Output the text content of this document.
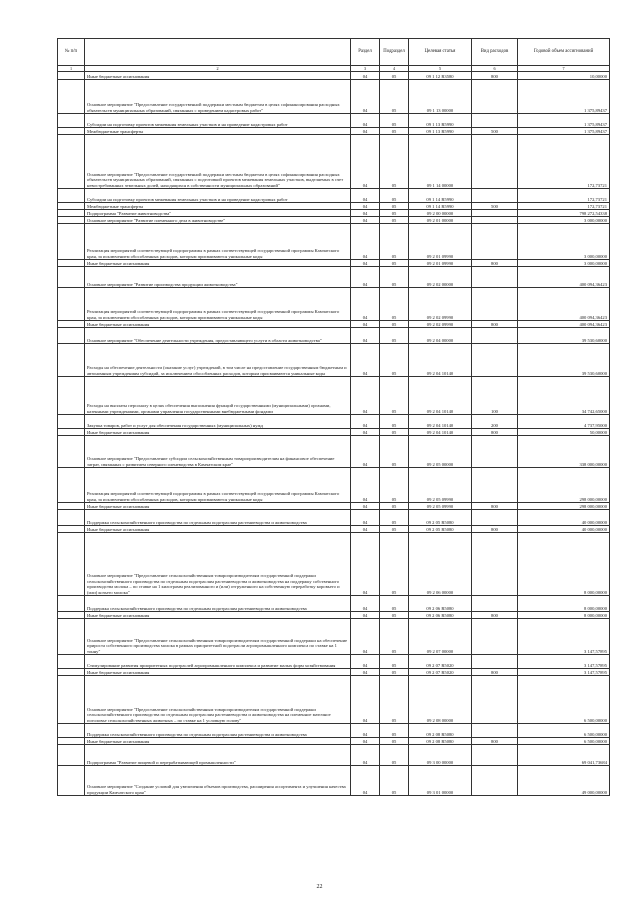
№ п/п		Раздел	Подраздел	Целевая статья	Вид расходов	Годовой объем ассигнований
1	2	3	4	5	6	7
	Иные бюджетные ассигнования	04	05	09 1 12 R3580	800	10,00000
	Основное мероприятие "Предоставление государственной поддержки местным бюджетам в целях софинансирования расходных обязательств муниципальных образований, связанных с проведением кадастровых работ"	04	05	09 1 13 00000		1 375,89437
	Субсидии на подготовку проектов межевания земельных участков и на проведение кадастровых работ	04	05	09 1 13 R5990		1 375,89437
	Межбюджетные трансферты	04	05	09 1 13 R5990	500	1 375,89437
	Основное мероприятие "Предоставление государственной поддержки местным бюджетам в целях софинансирования расходных обязательств муниципальных образований, связанных с подготовкой проектов межевания земельных участков, выделяемых в счет невостребованных земельных долей, находящихся в собственности муниципальных образований"	04	05	09 1 14 00000		172,73721
	Субсидии на подготовку проектов межевания земельных участков и на проведение кадастровых работ	04	05	09 1 14 R5990		172,73721
	Межбюджетные трансферты	04	05	09 1 14 R5990	500	172,73721
	Подпрограмма "Развитие животноводства"	04	05	09 2 00 00000		798 272,54338
	Основное мероприятие "Развитие племенного дела в животноводстве"	04	05	09 2 01 00000		3 000,00000
	Реализация мероприятий соответствующей подпрограммы в рамках соответствующей государственной программы Камчатского края, за исключением обособленных расходов, которым присваиваются уникальные коды	04	05	09 2 01 09990		3 000,00000
	Иные бюджетные ассигнования	04	05	09 2 01 09990	800	3 000,00000
	Основное мероприятие "Развитие производства продукции животноводства"	04	05	09 2 02 00000		400 094,36423
	Реализация мероприятий соответствующей подпрограммы в рамках соответствующей государственной программы Камчатского края, за исключением обособленных расходов, которым присваиваются уникальные коды	04	05	09 2 02 09990		400 094,36423
	Иные бюджетные ассигнования	04	05	09 2 02 09990	800	400 094,36423
	Основное мероприятие "Обеспечение деятельности учреждения, предоставляющего услуги в области животноводства"	04	05	09 2 04 00000		39 530,60000
	Расходы на обеспечение деятельности (оказание услуг) учреждений, в том числе на предоставление государственным бюджетным и автономным учреждениям субсидий, за исключением обособленных расходов, которым присваиваются уникальные коды	04	05	09 2 04 10140		39 530,60000
	Расходы на выплаты персоналу в целях обеспечения выполнения функций государственными (муниципальными) органами, казенными учреждениями, органами управления государственными внебюджетными фондами	04	05	09 2 04 10140	100	34 742,65000
	Закупка товаров, работ и услуг для обеспечения государственных (муниципальных) нужд	04	05	09 2 04 10140	200	4 737,95000
	Иные бюджетные ассигнования	04	05	09 2 04 10140	800	50,00000
	Основное мероприятие "Предоставление субсидии сельскохозяйственным товаропроизводителям на финансовое обеспечение затрат, связанных с развитием северного оленеводства в Камчатском крае"	04	05	09 2 05 00000		338 000,00000
	Реализация мероприятий соответствующей подпрограммы в рамках соответствующей государственной программы Камчатского края, за исключением обособленных расходов, которым присваиваются уникальные коды	04	05	09 2 05 09990		298 000,00000
	Иные бюджетные ассигнования	04	05	09 2 05 09990	800	298 000,00000
	Поддержка сельскохозяйственного производства по отдельным подотраслям растениеводства и животноводства	04	05	09 2 05 R5080		40 000,00000
	Иные бюджетные ассигнования	04	05	09 2 05 R5080	800	40 000,00000
	Основное мероприятие "Предоставление сельскохозяйственным товаропроизводителям государственной поддержки сельскохозяйственного производства по отдельным подотраслям растениеводства и животноводства на поддержку собственного производства молока – по ставке на 1 килограмм реализованного и (или) отгруженного на собственную переработку коровьего и (или) козьего молока"	04	05	09 2 06 00000		8 000,00000
	Поддержка сельскохозяйственного производства по отдельным подотраслям растениеводства и животноводства	04	05	09 2 06 R5080		8 000,00000
	Иные бюджетные ассигнования	04	05	09 2 06 R5080	800	8 000,00000
	Основное мероприятие "Предоставление сельскохозяйственным товаропроизводителям государственной поддержки на обеспечение прироста собственного производства молока в рамках приоритетной подотрасли агропромышленного комплекса по ставке на 1 тонну"	04	05	09 2 07 00000		3 147,57895
	Стимулирование развития приоритетных подотраслей агропромышленного комплекса и развитие малых форм хозяйствования	04	05	09 2 07 R5020		3 147,57895
	Иные бюджетные ассигнования	04	05	09 2 07 R5020	800	3 147,57895
	Основное мероприятие "Предоставление сельскохозяйственным товаропроизводителям государственной поддержки сельскохозяйственного производства по отдельным подотраслям растениеводства и животноводства на племенное маточное поголовье сельскохозяйственных животных – по ставке на 1 условную голову"	04	05	09 2 08 00000		6 500,00000
	Поддержка сельскохозяйственного производства по отдельным подотраслям растениеводства и животноводства	04	05	09 2 08 R5080		6 500,00000
	Иные бюджетные ассигнования	04	05	09 2 08 R5080	800	6 500,00000
	Подпрограмма "Развитие пищевой и перерабатывающей промышленности"	04	05	09 3 00 00000		69 041,73684
	Основное мероприятие "Создание условий для увеличения объемов производства, расширения ассортимента и улучшения качества продукции Камчатского края"	04	05	09 3 01 00000		49 000,00000
22
